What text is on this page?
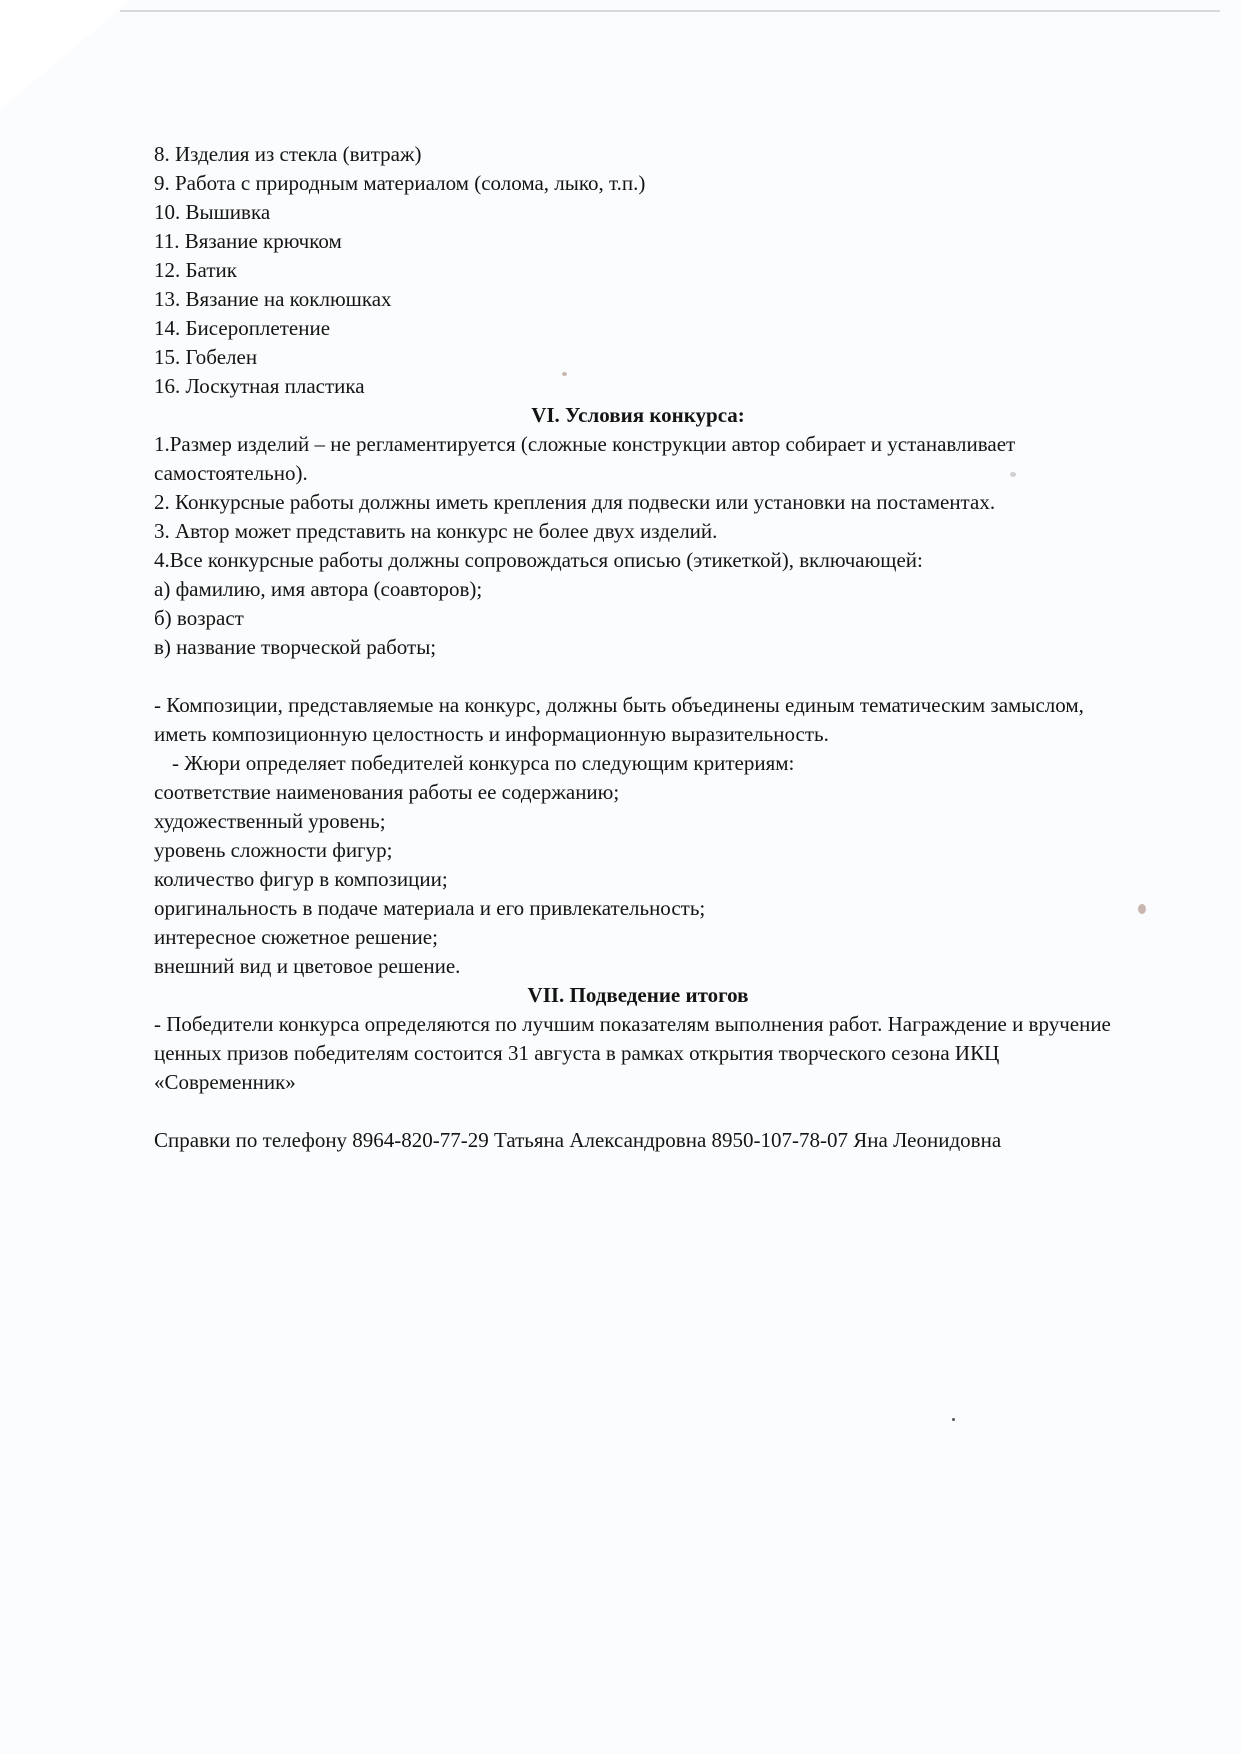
8. Изделия из стекла (витраж)

9. Работа с природным материалом (солома, лыко, т.п.)

10. Вышивка

11. Вязание крючком

12. Батик

13. Вязание на коклюшках

14. Бисероплетение

15. Гобелен

16. Лоскутная пластика

VI. Условия конкурса:

1.Размер изделий – не регламентируется (сложные конструкции автор собирает и устанавливает самостоятельно).

2. Конкурсные работы должны иметь крепления для подвески или установки на постаментах.

3. Автор может представить на конкурс не более двух изделий.

4.Все конкурсные работы должны сопровождаться описью (этикеткой), включающей:

а) фамилию, имя автора (соавторов);

б) возраст

в) название творческой работы;

- Композиции, представляемые на конкурс, должны быть объединены единым тематическим замыслом, иметь композиционную целостность и информационную выразительность.

- Жюри определяет победителей конкурса по следующим критериям:

соответствие наименования работы ее содержанию;

художественный уровень;

уровень сложности фигур;

количество фигур в композиции;

оригинальность в подаче материала и его привлекательность;

интересное сюжетное решение;

внешний вид и цветовое решение.

VII. Подведение итогов

- Победители конкурса определяются по лучшим показателям выполнения работ. Награждение и вручение ценных призов победителям состоится 31 августа в рамках открытия творческого сезона ИКЦ «Современник»

Справки по телефону 8964-820-77-29 Татьяна Александровна 8950-107-78-07 Яна Леонидовна
